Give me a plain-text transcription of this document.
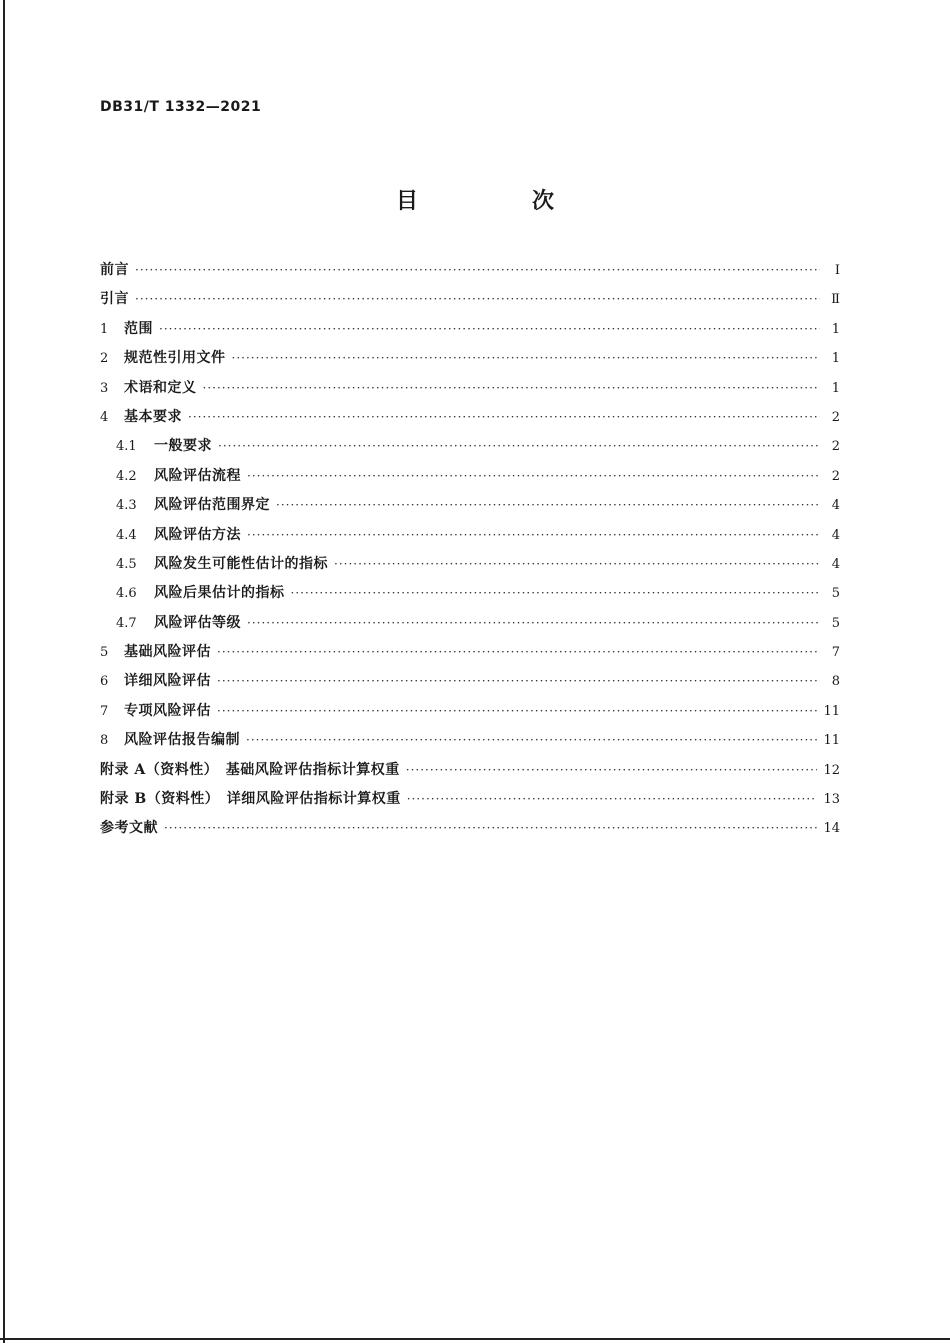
DB31/T 1332—2021
目　次
前言 ·····	Ⅰ
引言 ·····	Ⅱ
1	范围 ·····	1
2	规范性引用文件 ·····	1
3	术语和定义 ·····	1
4	基本要求 ·····	2
4.1	一般要求 ·····	2
4.2	风险评估流程 ·····	2
4.3	风险评估范围界定 ·····	4
4.4	风险评估方法 ·····	4
4.5	风险发生可能性估计的指标 ·····	4
4.6	风险后果估计的指标 ·····	5
4.7	风险评估等级 ·····	5
5	基础风险评估 ·····	7
6	详细风险评估 ·····	8
7	专项风险评估 ·····	11
8	风险评估报告编制 ·····	11
附录 A（资料性）　基础风险评估指标计算权重 ·····	12
附录 B（资料性）　详细风险评估指标计算权重 ·····	13
参考文献 ·····	14
